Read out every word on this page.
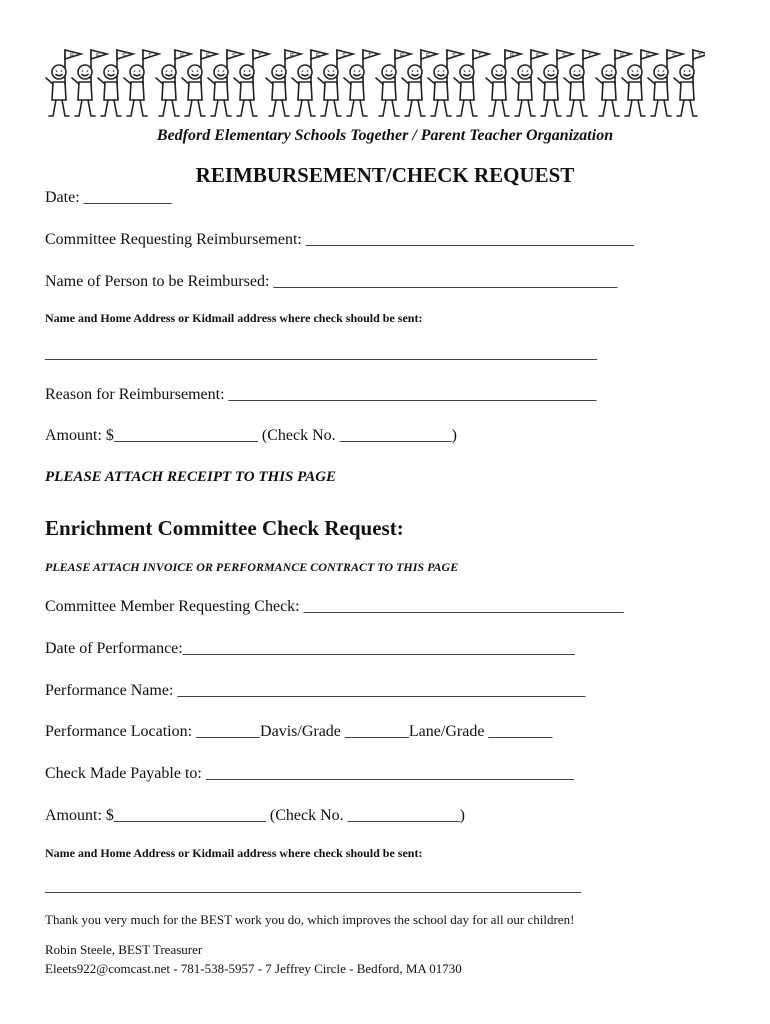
B	E	S	T	B	E	S	T	B	E	S	T	B	E	S	T	B	E	S	T	B	E	S	T
Bedford Elementary Schools Together / Parent Teacher Organization
REIMBURSEMENT/CHECK REQUEST
Date: ___________
Committee Requesting Reimbursement: _________________________________________
Name of Person to be Reimbursed: ___________________________________________
Name and Home Address or Kidmail address where check should be sent:
_____________________________________________________________________
Reason for Reimbursement: ______________________________________________
Amount: $__________________ (Check No. ______________)
PLEASE ATTACH RECEIPT TO THIS PAGE
Enrichment Committee Check Request:
PLEASE ATTACH INVOICE OR PERFORMANCE CONTRACT TO THIS PAGE
Committee Member Requesting Check: ________________________________________
Date of Performance:_________________________________________________
Performance Name: ___________________________________________________
Performance Location: ________Davis/Grade ________Lane/Grade ________
Check Made Payable to: ______________________________________________
Amount: $___________________ (Check No. ______________)
Name and Home Address or Kidmail address where check should be sent:
___________________________________________________________________
Thank you very much for the BEST work you do, which improves the school day for all our children!
Robin Steele, BEST Treasurer
Eleets922@comcast.net - 781-538-5957 - 7 Jeffrey Circle - Bedford, MA 01730
